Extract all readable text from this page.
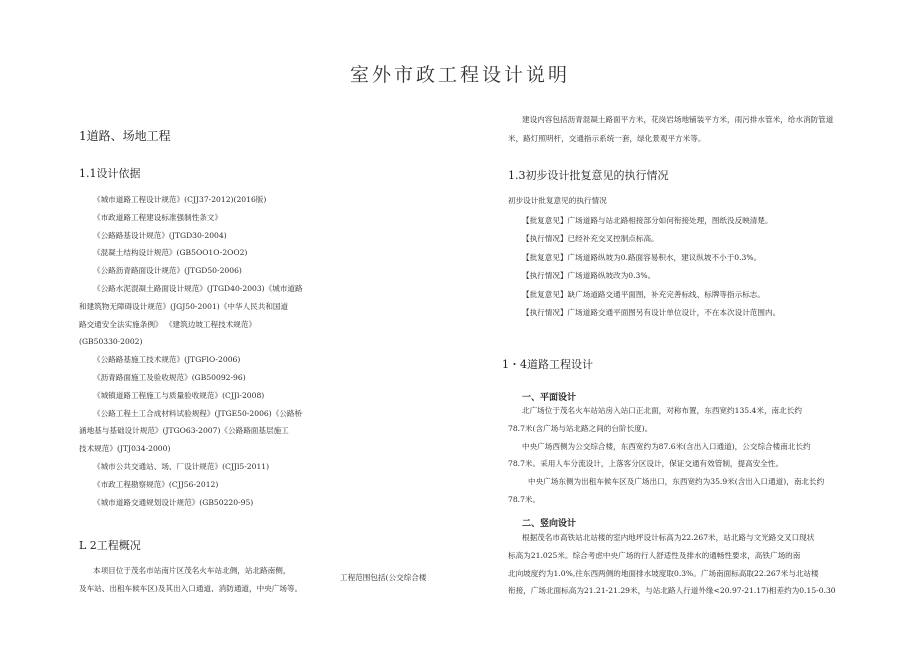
室外市政工程设计说明
1道路、场地工程
1.1设计依据
《城市道路工程设计规范》(CJJ37-2012)(2016版)
《市政道路工程建设标准强制性条文》
《公路路基设计规范》(JTGD30-2004)
《混凝土结构设计规范》(GB5OO1O-2OO2)
《公路沥青路面设计规范》(JTGD50-2006)
《公路水泥混凝土路面设计规范》(JTGD40-2003)《城市道路
和建筑物无障碍设计规范》(JGJ50-2001)《中华人民共和国道
路交通安全法实施条例》 《建筑边坡工程技术规范》
(GB50330·2002)
《公路路基施工技术规范》(JTGFlO-2006)
《沥青路面施工及验收规范》(GB50092-96)
《城镇道路工程施工与质量验收规范》(CJJl-2008)
《公路工程土工合成材料试验规程》(JTGE50-2006)《公路桥
涵地基与基础设计规范》(JTGO63-2007)《公路路面基层施工
技术规范》(JTJ034-2000)
《城市公共交通站、场、厂设计规范》(CJJl5-2011)
《市政工程勘察规范》(CJJ56-2012)
《城市道路交通规划设计规范》(GB50220-95)
L 2工程概况
本项目位于茂名市站南片区茂名火车站北侧，站北路南侧，
及车站、出租车候车区)及其出入口通道、消防通道，中央广场等。
工程范围包括(公交综合楼
建设内容包括沥青混凝土路面平方米，花岗岩场地铺装平方米，雨污排水管米，给水消防管道
米，路灯照明杆，交通指示系统一套，绿化景观平方米等。
1.3初步设计批复意见的执行情况
初步设计批复意见的执行情况
【批复意见】广场道路与站北路相接部分如何衔接处理，图纸没反映清楚。
【执行情况】已经补充交叉控制点标高。
【批复意见】广场道路纵坡为0.路面容易积水，建议纵坡不小于0.3%。
【执行情况】广场道路纵坡改为0.3%。
【批复意见】缺广场道路交通平面图，补充完善标线、标牌等指示标志。
【执行情况】广场道路交通平面图另有设计单位设计，不在本次设计范围内。
1・4道路工程设计
一、平面设计
北广场位于茂名火车站站房入站口正北面，对称布置，东西宽约135.4米，南北长约
78.7米(含广场与站北路之间的台阶长度)。
中央广场西侧为公交综合楼，东西宽约为87.6米(含出入口通道)，公交综合楼南北长约
78.7米。采用人车分流设计，上落客分区设计，保证交通有效管制，提高安全性。
中央广场东侧为出租车候车区及广场出口，东西宽约为35.9米(含出入口通道)，南北长约
78.7米。
二、竖向设计
根据茂名市高铁站北站楼的室内地坪设计标高为22.267米，站北路与文光路交叉口现状
标高为21.025米。综合考虑中央广场的行人舒适性及排水的通畅性要求，高铁广场的南
北向坡度约为1.0%,往东西两侧的地面排水坡度取0.3%。广场南面标高取22.267米与北站楼
衔接，广场北面标高为21.21-21.29米，与站北路人行道外缘<20.97-21.17)相差约为0.15-0.30
